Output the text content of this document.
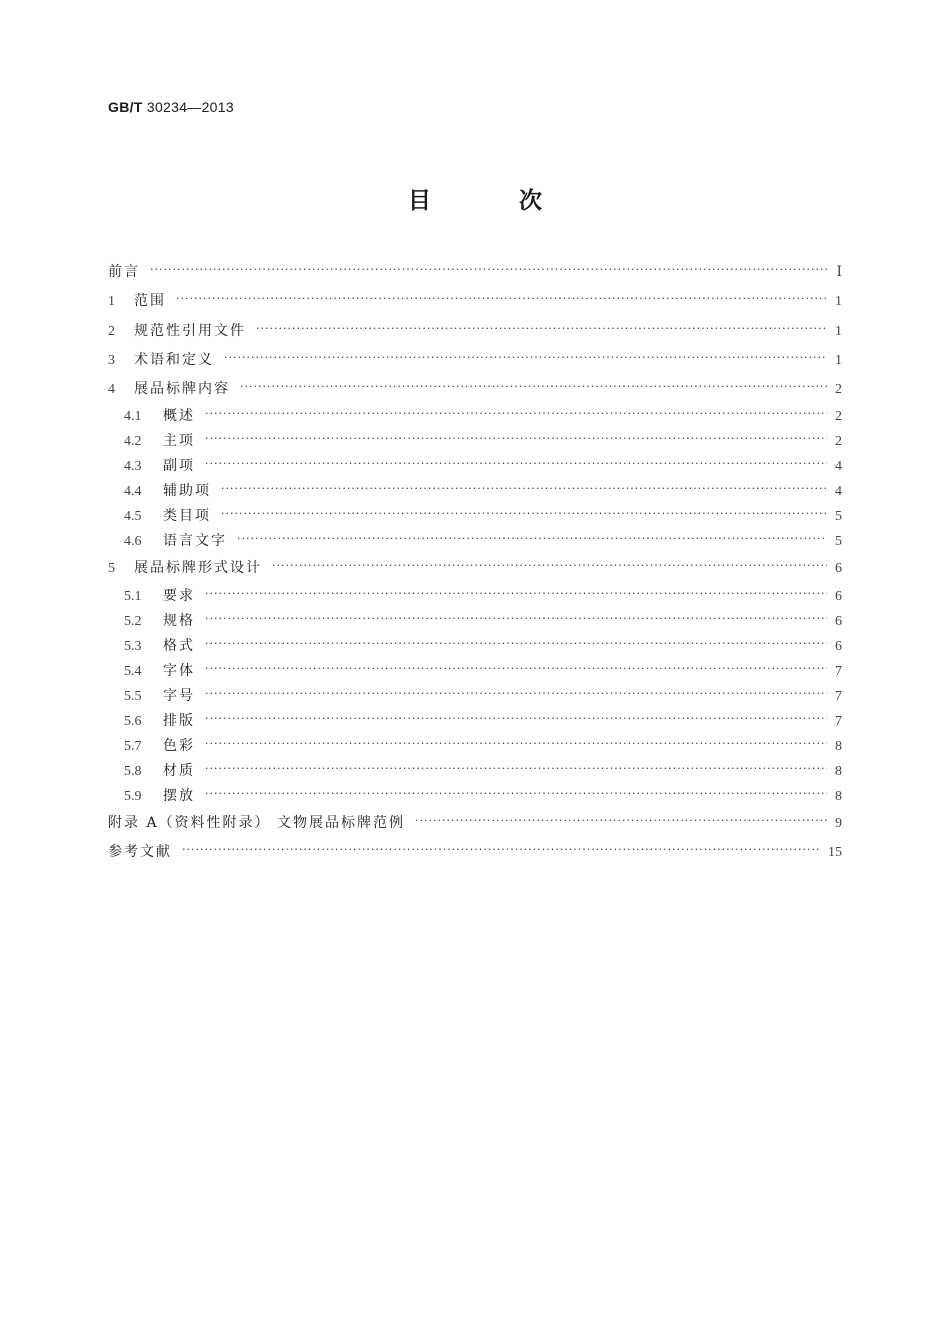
GB/T 30234—2013
目 次
前言 ·····	Ⅰ
1	范围 ·····	1
2	规范性引用文件 ·····	1
3	术语和定义 ·····	1
4	展品标牌内容 ·····	2
4.1	概述 ·····	2
4.2	主项 ·····	2
4.3	副项 ·····	4
4.4	辅助项 ·····	4
4.5	类目项 ·····	5
4.6	语言文字 ·····	5
5	展品标牌形式设计 ·····	6
5.1	要求 ·····	6
5.2	规格 ·····	6
5.3	格式 ·····	6
5.4	字体 ·····	7
5.5	字号 ·····	7
5.6	排版 ·····	7
5.7	色彩 ·····	8
5.8	材质 ·····	8
5.9	摆放 ·····	8
附录 A（资料性附录） 文物展品标牌范例 ·····	9
参考文献 ·····	15
